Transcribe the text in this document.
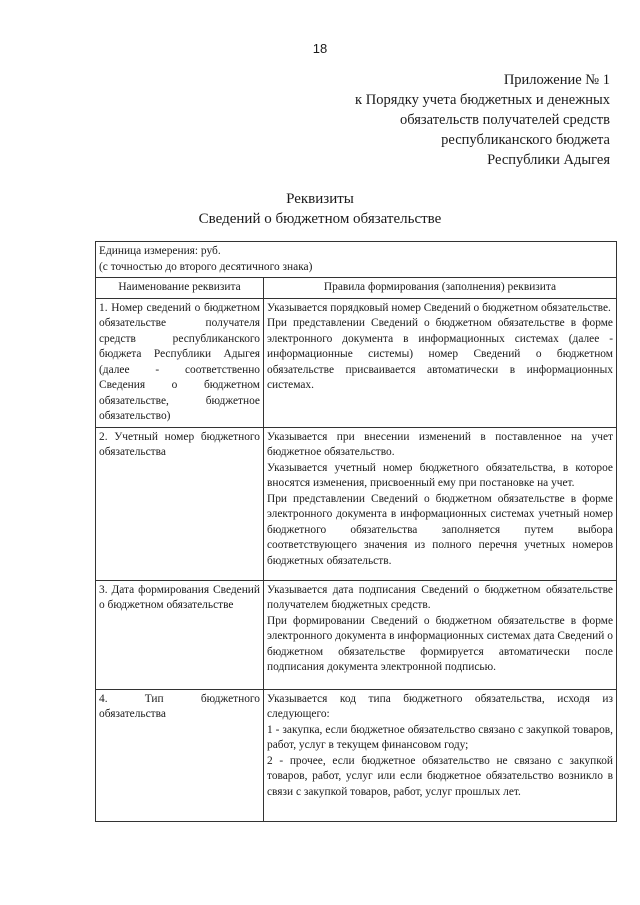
18
Приложение № 1
к Порядку учета бюджетных и денежных
обязательств получателей средств
республиканского бюджета
Республики Адыгея
Реквизиты
Сведений о бюджетном обязательстве
Единица измерения: руб.
(с точностью до второго десятичного знака)	

Наименование реквизита	Правила формирования (заполнения) реквизита
1. Номер сведений о бюджетном обязательстве получателя средств республиканского бюджета Республики Адыгея (далее - соответственно Сведения о бюджетном обязательстве, бюджетное обязательство)	Указывается порядковый номер Сведений о бюджетном обязательстве.

При представлении Сведений о бюджетном обязательстве в форме электронного документа в информационных системах (далее - информационные системы) номер Сведений о бюджетном обязательстве присваивается автоматически в информационных системах.

2. Учетный номер бюджетного обязательства	Указывается при внесении изменений в поставленное на учет бюджетное обязательство.

Указывается учетный номер бюджетного обязательства, в которое вносятся изменения, присвоенный ему при постановке на учет.

При представлении Сведений о бюджетном обязательстве в форме электронного документа в информационных системах учетный номер бюджетного обязательства заполняется путем выбора соответствующего значения из полного перечня учетных номеров бюджетных обязательств.

3. Дата формирования Сведений о бюджетном обязательстве	Указывается дата подписания Сведений о бюджетном обязательстве получателем бюджетных средств.

При формировании Сведений о бюджетном обязательстве в форме электронного документа в информационных системах дата Сведений о бюджетном обязательстве формируется автоматически после подписания документа электронной подписью.

4. Тип бюджетного обязательства	Указывается код типа бюджетного обязательства, исходя из следующего:

1 - закупка, если бюджетное обязательство связано с закупкой товаров, работ, услуг в текущем финансовом году;

2 - прочее, если бюджетное обязательство не связано с закупкой товаров, работ, услуг или если бюджетное обязательство возникло в связи с закупкой товаров, работ, услуг прошлых лет.
